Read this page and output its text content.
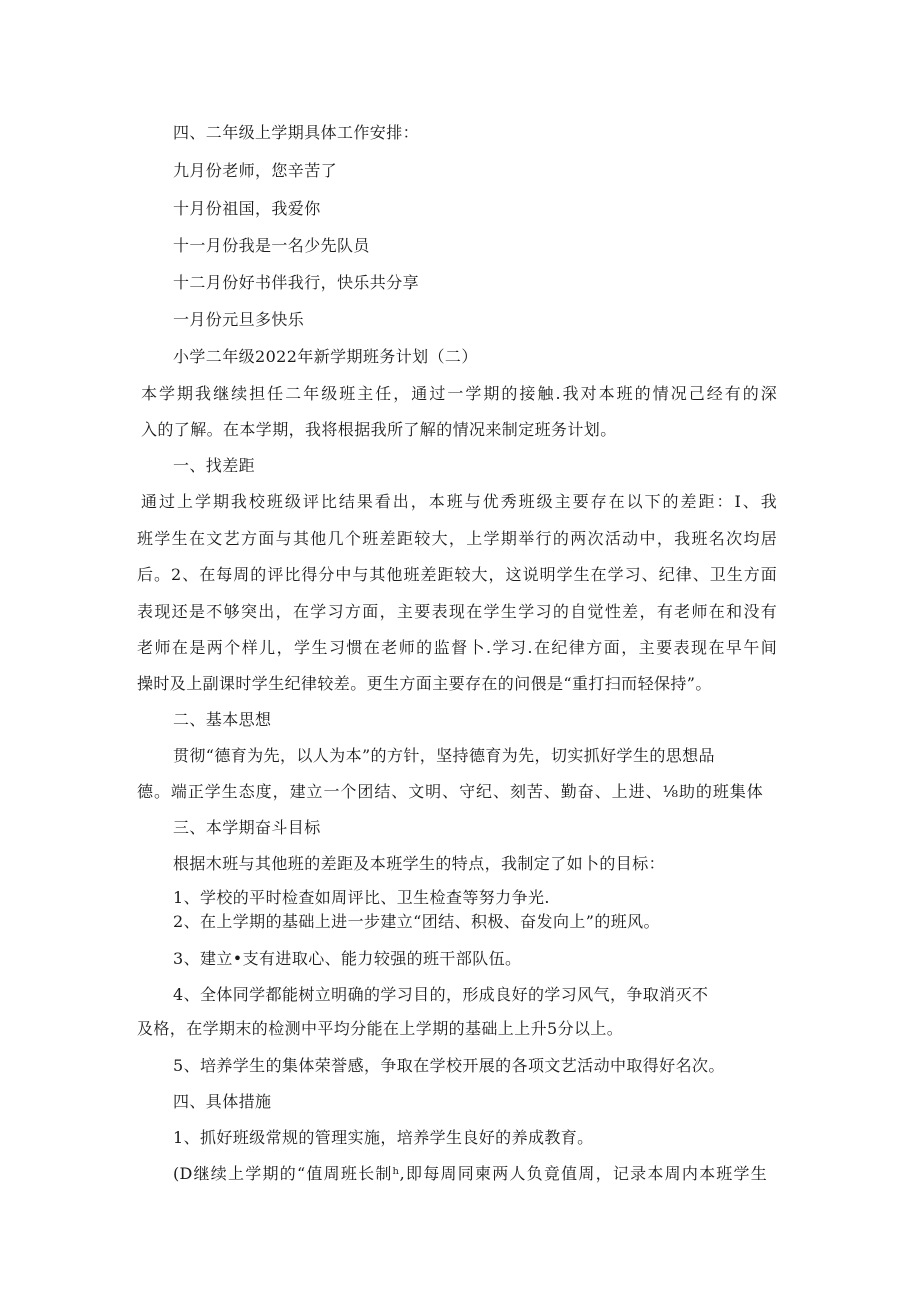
四、二年级上学期具体工作安排：
九月份老师，您辛苦了
十月份祖国，我爱你
十一月份我是一名少先队员
十二月份好书伴我行，快乐共分享
一月份元旦多快乐
小学二年级2022年新学期班务计划（二）
本学期我继续担任二年级班主任，通过一学期的接触.我对本班的情况己经有的深
入的了解。在本学期，我将根据我所了解的情况来制定班务计划。
一、找差距
通过上学期我校班级评比结果看出，本班与优秀班级主要存在以下的差距：I、我
班学生在文艺方面与其他几个班差距较大，上学期举行的两次活动中，我班名次均居
后。2、在每周的评比得分中与其他班差距较大，这说明学生在学习、纪律、卫生方面
表现还是不够突出，在学习方面，主要表现在学生学习的自觉性差，有老师在和没有
老师在是两个样儿，学生习惯在老师的监督卜.学习.在纪律方面，主要表现在早午间
操时及上副课时学生纪律较差。更生方面主要存在的问偎是“重打扫而轻保持”。
二、基本思想
贯彻“德育为先，以人为本”的方针，坚持德育为先，切实抓好学生的思想品
德。端正学生态度，建立一个团结、文明、守纪、刻苦、勤奋、上进、⅛助的班集体
三、本学期奋斗目标
根据木班与其他班的差距及本班学生的特点，我制定了如卜的目标：
1、学校的平时检查如周评比、卫生检查等努力争光.
2、在上学期的基础上进一步建立“团结、积极、奋发向上”的班风。
3、建立•支有进取心、能力较强的班干部队伍。
4、全体同学都能树立明确的学习目的，形成良好的学习风气，争取消灭不
及格，在学期末的检测中平均分能在上学期的基础上上升5分以上。
5、培养学生的集体荣誉感，争取在学校开展的各项文艺活动中取得好名次。
四、具体措施
1、抓好班级常规的管理实施，培养学生良好的养成教育。
(D继续上学期的“值周班长制ʰ,即每周同柬两人负竟值周，记录本周内本班学生
